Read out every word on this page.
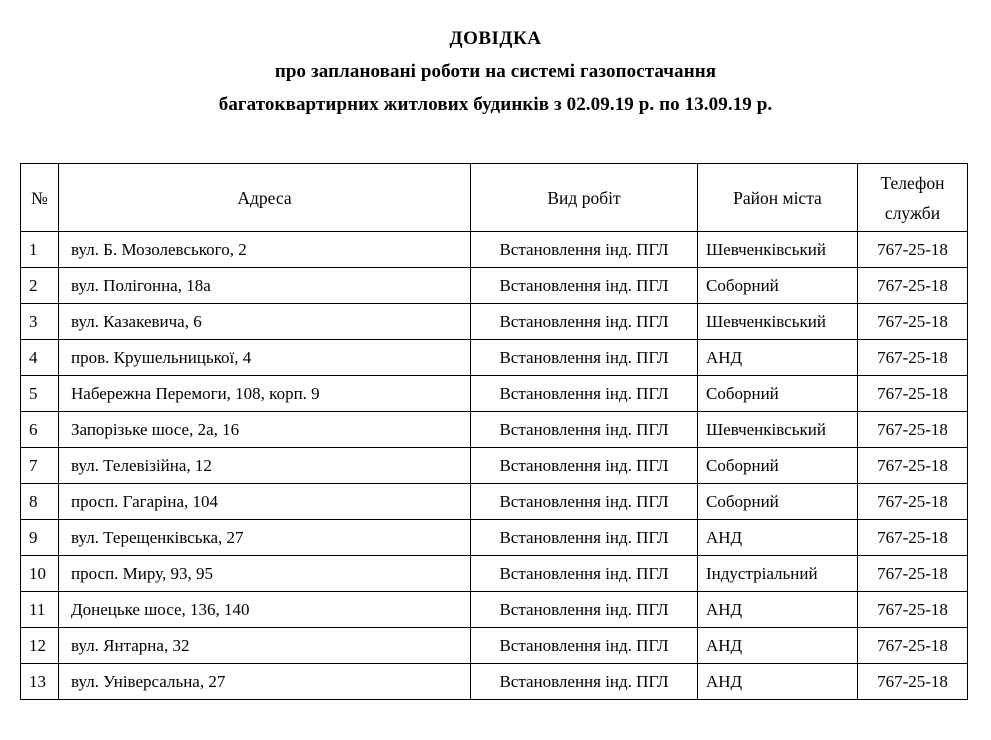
ДОВІДКА
про заплановані роботи на системі газопостачання
багатоквартирних житлових будинків з 02.09.19 р. по 13.09.19 р.
№	Адреса	Вид робіт	Район міста	Телефон
служби
1	вул. Б. Мозолевського, 2	Встановлення інд. ПГЛ	Шевченківський	767-25-18
2	вул. Полігонна, 18а	Встановлення інд. ПГЛ	Соборний	767-25-18
3	вул. Казакевича, 6	Встановлення інд. ПГЛ	Шевченківський	767-25-18
4	пров. Крушельницької, 4	Встановлення інд. ПГЛ	АНД	767-25-18
5	Набережна Перемоги, 108, корп. 9	Встановлення інд. ПГЛ	Соборний	767-25-18
6	Запорізьке шосе, 2а, 16	Встановлення інд. ПГЛ	Шевченківський	767-25-18
7	вул. Телевізійна, 12	Встановлення інд. ПГЛ	Соборний	767-25-18
8	просп. Гагаріна, 104	Встановлення інд. ПГЛ	Соборний	767-25-18
9	вул. Терещенківська, 27	Встановлення інд. ПГЛ	АНД	767-25-18
10	просп. Миру, 93, 95	Встановлення інд. ПГЛ	Індустріальний	767-25-18
11	Донецьке шосе, 136, 140	Встановлення інд. ПГЛ	АНД	767-25-18
12	вул. Янтарна, 32	Встановлення інд. ПГЛ	АНД	767-25-18
13	вул. Універсальна, 27	Встановлення інд. ПГЛ	АНД	767-25-18
